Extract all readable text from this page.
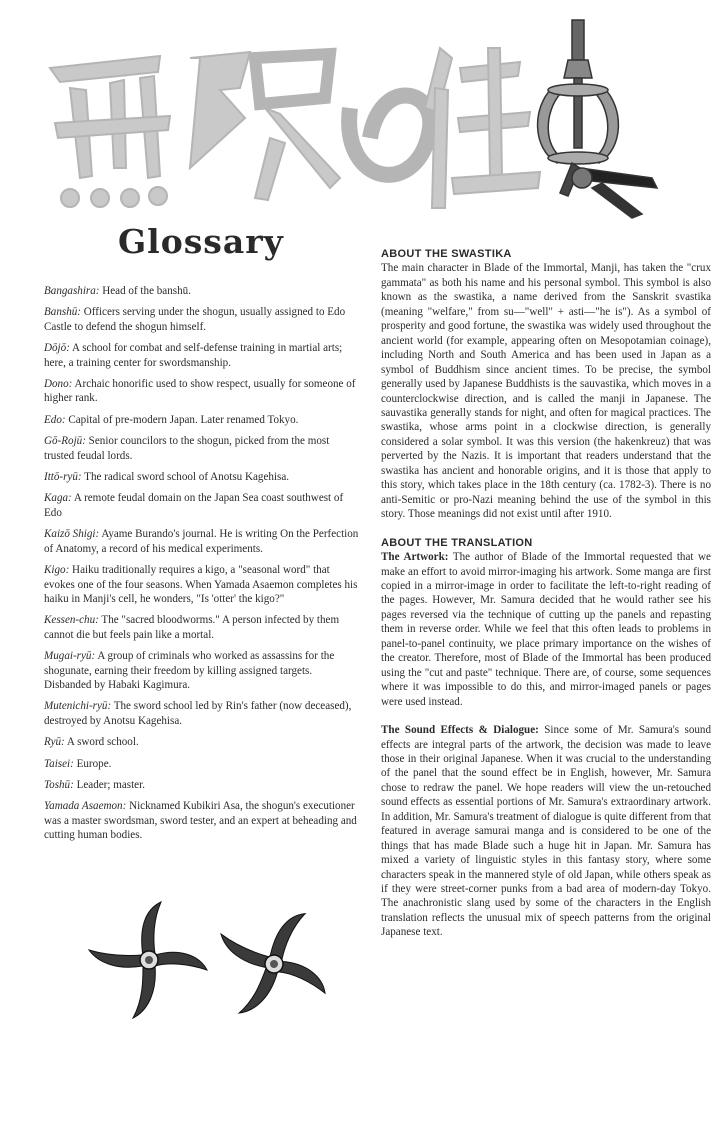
Glossary

Bangashira: Head of the banshū.

Banshū: Officers serving under the shogun, usually assigned to Edo Castle to defend the shogun himself.

Dōjō: A school for combat and self-defense training in martial arts; here, a training center for swordsmanship.

Dono: Archaic honorific used to show respect, usually for someone of higher rank.

Edo: Capital of pre-modern Japan. Later renamed Tokyo.

Gō-Rojū: Senior councilors to the shogun, picked from the most trusted feudal lords.

Ittō-ryū: The radical sword school of Anotsu Kagehisa.

Kaga: A remote feudal domain on the Japan Sea coast southwest of Edo

Kaizō Shigi: Ayame Burando's journal. He is writing On the Perfection of Anatomy, a record of his medical experiments.

Kigo: Haiku traditionally requires a kigo, a "seasonal word" that evokes one of the four seasons. When Yamada Asaemon completes his haiku in Manji's cell, he wonders, "Is 'otter' the kigo?"

Kessen-chu: The "sacred bloodworms." A person infected by them cannot die but feels pain like a mortal.

Mugai-ryū: A group of criminals who worked as assassins for the shogunate, earning their freedom by killing assigned targets. Disbanded by Habaki Kagimura.

Mutenichi-ryū: The sword school led by Rin's father (now deceased), destroyed by Anotsu Kagehisa.

Ryū: A sword school.

Taisei: Europe.

Toshū: Leader; master.

Yamada Asaemon: Nicknamed Kubikiri Asa, the shogun's executioner was a master swordsman, sword tester, and an expert at beheading and cutting human bodies.

ABOUT THE SWASTIKA

The main character in Blade of the Immortal, Manji, has taken the "crux gammata" as both his name and his personal symbol. This symbol is also known as the swastika, a name derived from the Sanskrit svastika (meaning "welfare," from su—"well" + asti—"he is"). As a symbol of prosperity and good fortune, the swastika was widely used throughout the ancient world (for example, appearing often on Mesopotamian coinage), including North and South America and has been used in Japan as a symbol of Buddhism since ancient times. To be precise, the symbol generally used by Japanese Buddhists is the sauvastika, which moves in a counterclockwise direction, and is called the manji in Japanese. The sauvastika generally stands for night, and often for magical practices. The swastika, whose arms point in a clockwise direction, is generally considered a solar symbol. It was this version (the hakenkreuz) that was perverted by the Nazis. It is important that readers understand that the swastika has ancient and honorable origins, and it is those that apply to this story, which takes place in the 18th century (ca. 1782-3). There is no anti-Semitic or pro-Nazi meaning behind the use of the symbol in this story. Those meanings did not exist until after 1910.

ABOUT THE TRANSLATION

The Artwork: The author of Blade of the Immortal requested that we make an effort to avoid mirror-imaging his artwork. Some manga are first copied in a mirror-image in order to facilitate the left-to-right reading of the pages. However, Mr. Samura decided that he would rather see his pages reversed via the technique of cutting up the panels and repasting them in reverse order. While we feel that this often leads to problems in panel-to-panel continuity, we place primary importance on the wishes of the creator. Therefore, most of Blade of the Immortal has been produced using the "cut and paste" technique. There are, of course, some sequences where it was impossible to do this, and mirror-imaged panels or pages were used instead.

The Sound Effects & Dialogue: Since some of Mr. Samura's sound effects are integral parts of the artwork, the decision was made to leave those in their original Japanese. When it was crucial to the understanding of the panel that the sound effect be in English, however, Mr. Samura chose to redraw the panel. We hope readers will view the un-retouched sound effects as essential portions of Mr. Samura's extraordinary artwork. In addition, Mr. Samura's treatment of dialogue is quite different from that featured in average samurai manga and is considered to be one of the things that has made Blade such a huge hit in Japan. Mr. Samura has mixed a variety of linguistic styles in this fantasy story, where some characters speak in the mannered style of old Japan, while others speak as if they were street-corner punks from a bad area of modern-day Tokyo. The anachronistic slang used by some of the characters in the English translation reflects the unusual mix of speech patterns from the original Japanese text.
